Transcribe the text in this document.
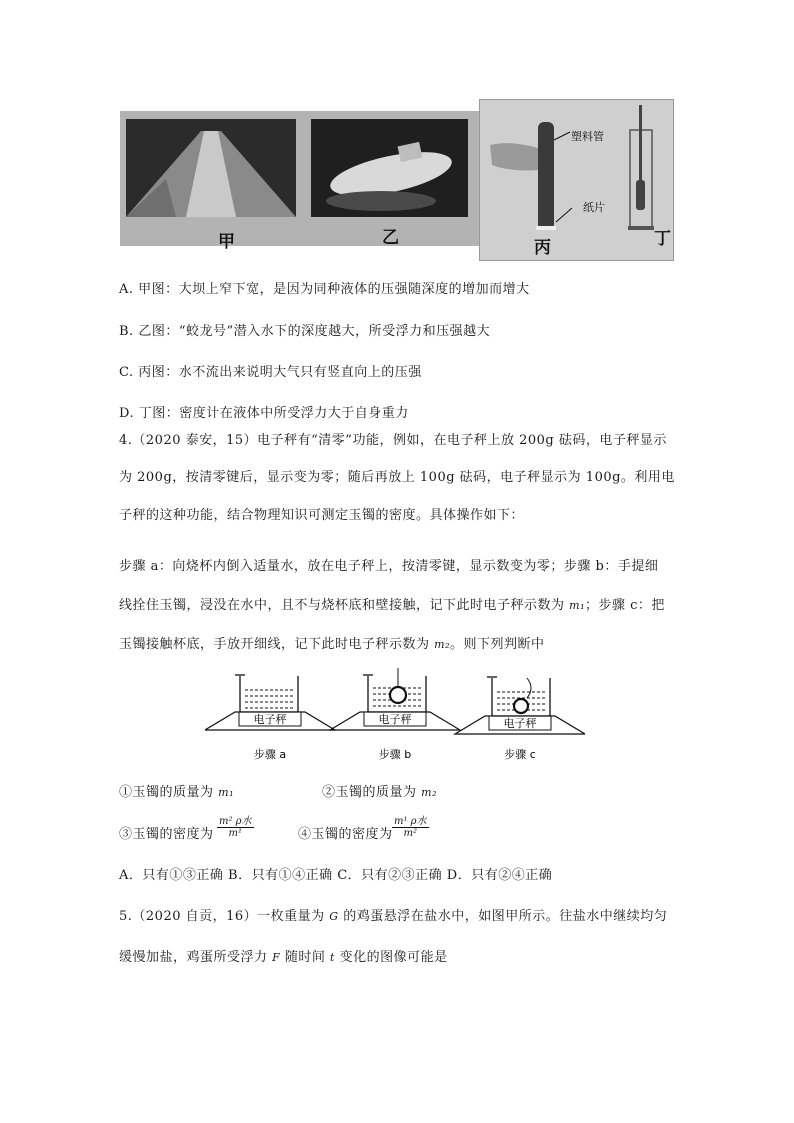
甲	乙	丙	丁
塑料管
纸片
A. 甲图：大坝上窄下宽，是因为同种液体的压强随深度的增加而增大
B. 乙图：“蛟龙号”潜入水下的深度越大，所受浮力和压强越大
C. 丙图：水不流出来说明大气只有竖直向上的压强
D. 丁图：密度计在液体中所受浮力大于自身重力
4.（2020 泰安，15）电子秤有“清零”功能，例如，在电子秤上放 200g 砝码，电子秤显示
为 200g，按清零键后，显示变为零；随后再放上 100g 砝码，电子秤显示为 100g。利用电
子秤的这种功能，结合物理知识可测定玉镯的密度。具体操作如下：
步骤 a：向烧杯内倒入适量水，放在电子秤上，按清零键，显示数变为零；步骤 b：手提细
线拴住玉镯，浸没在水中，且不与烧杯底和壁接触，记下此时电子秤示数为 m₁；步骤 c：把
玉镯接触杯底，手放开细线，记下此时电子秤示数为 m₂。则下列判断中
电子秤	电子秤	电子秤
步骤 a	步骤 b	步骤 c
①玉镯的质量为 m₁	②玉镯的质量为 m₂
③玉镯的密度为
m² ρ水
m¹	④玉镯的密度为
m¹ ρ水
m²
A．只有①③正确 B．只有①④正确 C．只有②③正确 D．只有②④正确
5.（2020 自贡，16）一枚重量为 G 的鸡蛋悬浮在盐水中，如图甲所示。往盐水中继续均匀
缓慢加盐，鸡蛋所受浮力 F 随时间 t 变化的图像可能是
